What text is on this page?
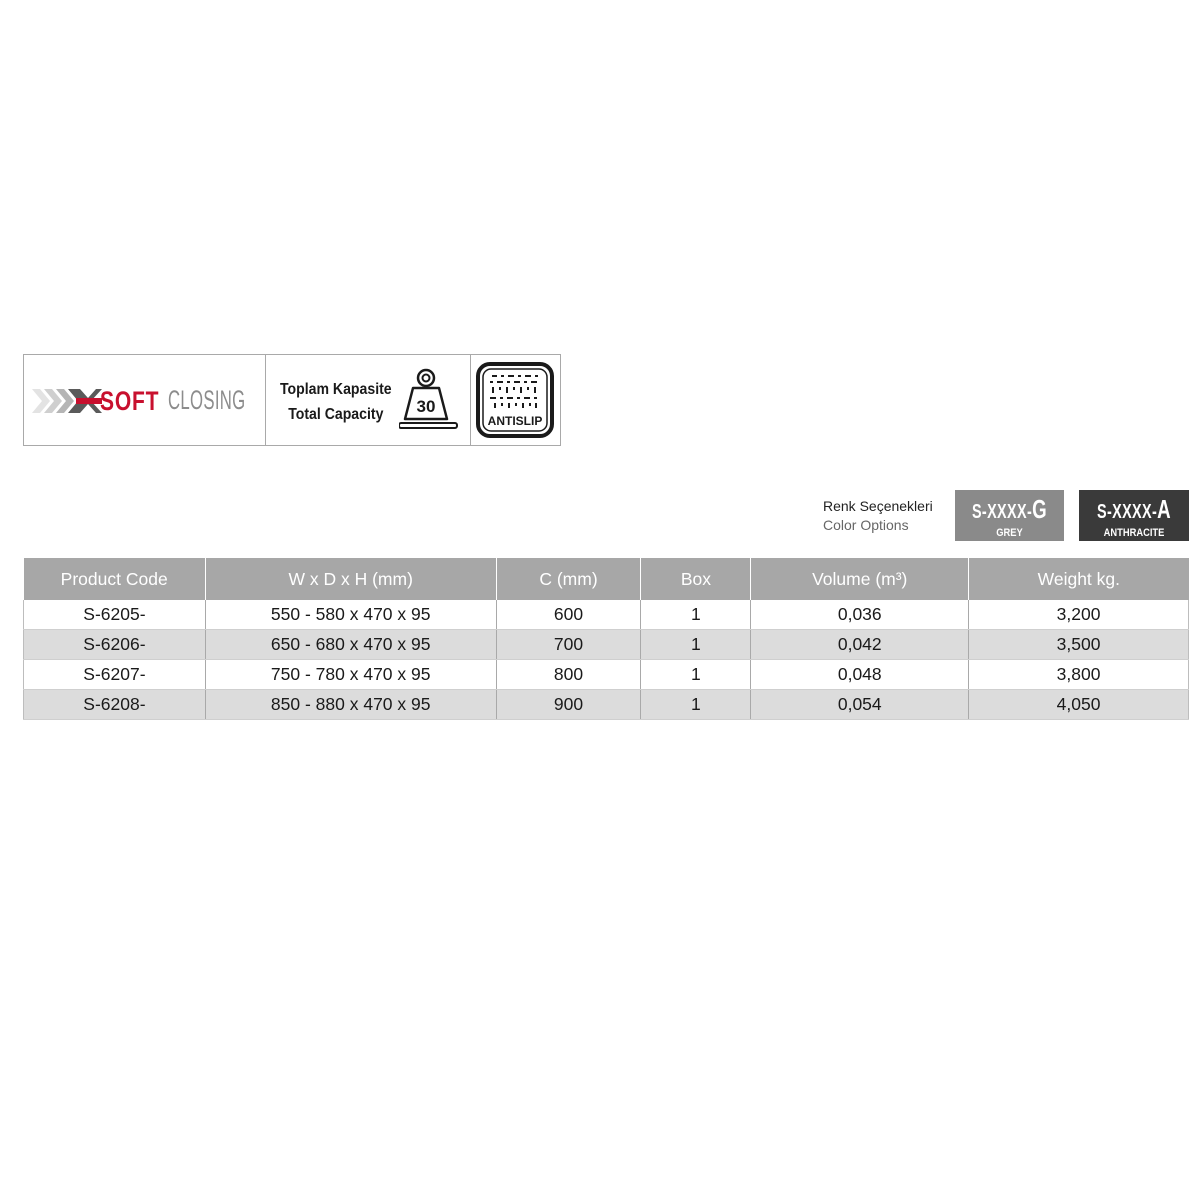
SOFT CLOSING Toplam Kapasite
Total Capacity	30
ANTISLIP
Renk Seçenekleri
Color Options
S-XXXX-G
GREY
S-XXXX-A
ANTHRACITE
Product Code	W x D x H (mm)	C (mm)	Box	Volume (m³)	Weight kg.
S-6205-	550 - 580 x 470 x 95	600	1	0,036	3,200
S-6206-	650 - 680 x 470 x 95	700	1	0,042	3,500
S-6207-	750 - 780 x 470 x 95	800	1	0,048	3,800
S-6208-	850 - 880 x 470 x 95	900	1	0,054	4,050
